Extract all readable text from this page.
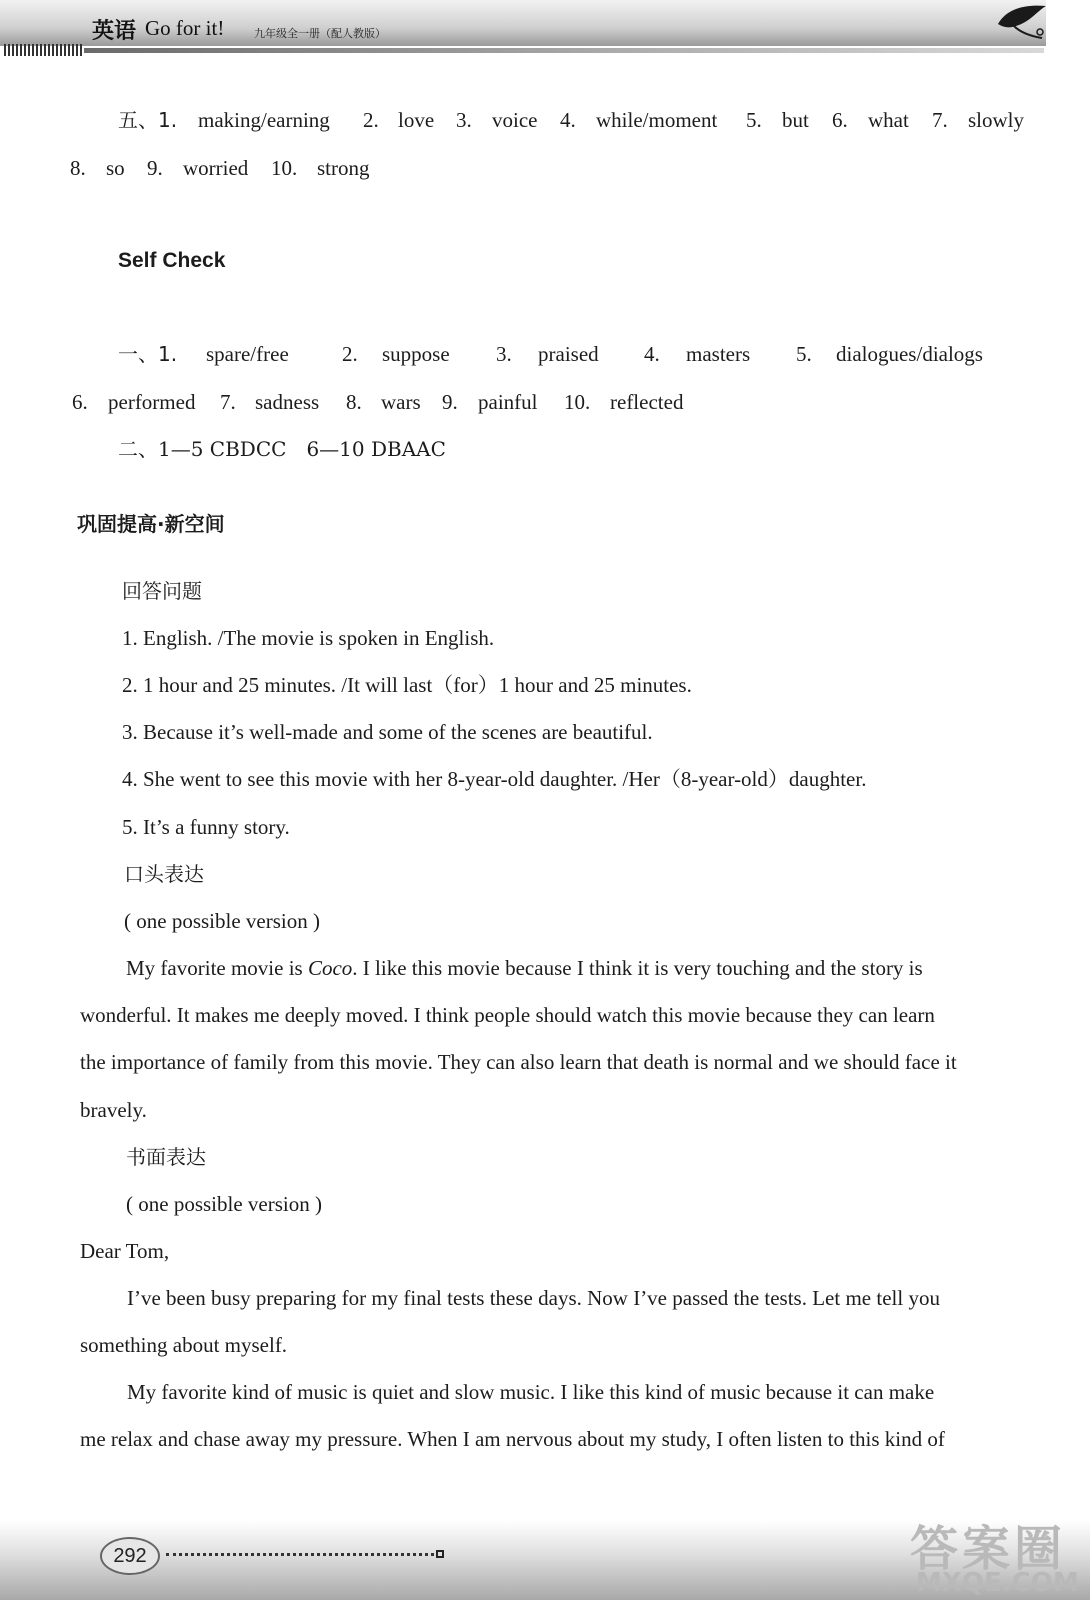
英语 Go for it!	九年级全一册（配人教版）
五、1. making/earning 2. love 3. voice 4. while/moment 5. but 6. what 7. slowly
8. so 9. worried 10. strong
Self Check
一、1. spare/free	2. suppose 3. praised 4. masters 5. dialogues/dialogs
6. performed 7. sadness 8. wars 9. painful 10. reflected
二、1—5 CBDCC　6—10 DBAAC
巩固提高·新空间
回答问题
1. English. /The movie is spoken in English.
2. 1 hour and 25 minutes. /It will last（for）1 hour and 25 minutes.
3. Because it’s well-made and some of the scenes are beautiful.
4. She went to see this movie with her 8-year-old daughter. /Her（8-year-old）daughter.
5. It’s a funny story.
口头表达
( one possible version )
My favorite movie is Coco. I like this movie because I think it is very touching and the story is
wonderful. It makes me deeply moved. I think people should watch this movie because they can learn
the importance of family from this movie. They can also learn that death is normal and we should face it
bravely.
书面表达
( one possible version )
Dear Tom,
I’ve been busy preparing for my final tests these days. Now I’ve passed the tests. Let me tell you
something about myself.
My favorite kind of music is quiet and slow music. I like this kind of music because it can make
me relax and chase away my pressure. When I am nervous about my study, I often listen to this kind of
292	答案圈
MXQE.COM
